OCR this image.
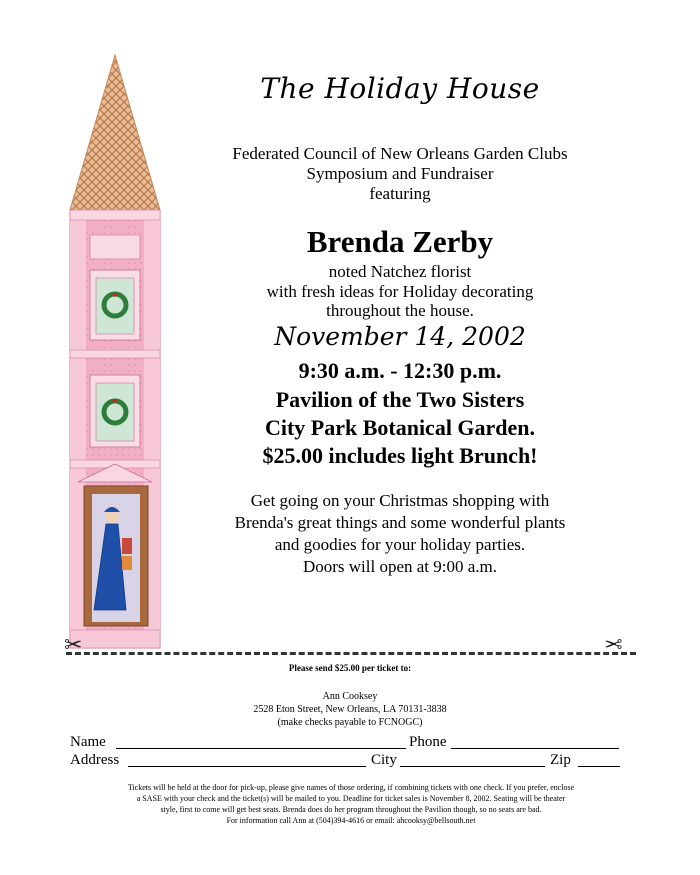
The Holiday House
Federated Council of New Orleans Garden Clubs
Symposium and Fundraiser
featuring
Brenda Zerby
noted Natchez florist
with fresh ideas for Holiday decorating
throughout the house.
November 14, 2002
9:30 a.m. - 12:30 p.m.
Pavilion of the Two Sisters
City Park Botanical Garden.
$25.00 includes light Brunch!
Get going on your Christmas shopping with
Brenda's great things and some wonderful plants
and goodies for your holiday parties.
Doors will open at 9:00 a.m.
✂	✂
Please send $25.00 per ticket to:
Ann Cooksey
2528 Eton Street, New Orleans, LA 70131-3838
(make checks payable to FCNOGC)
Name	Phone
Address	City	Zip
Tickets will be held at the door for pick-up, please give names of those ordering, if combining tickets with one check. If you prefer, enclose
a SASE with your check and the ticket(s) will be mailed to you. Deadline for ticket sales is November 8, 2002. Seating will be theater
style, first to come will get best seats. Brenda does do her program throughout the Pavilion though, so no seats are bad.
For information call Ann at (504)394-4616 or email: ahcooksy@bellsouth.net
